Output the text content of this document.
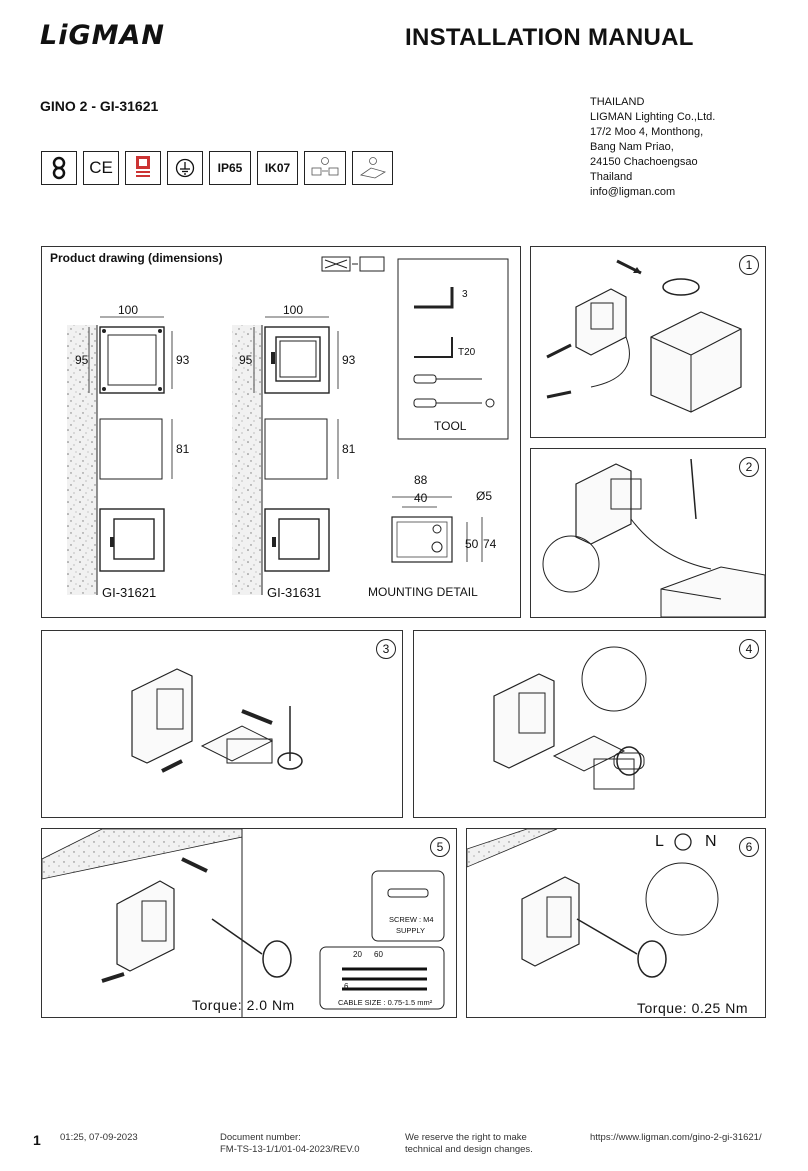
LiGMAN	INSTALLATION MANUAL
GINO 2 - GI-31621	THAILAND
LIGMAN Lighting Co.,Ltd.
17/2 Moo 4, Monthong,
Bang Nam Priao,
24150 Chachoengsao
Thailand
info@ligman.com
CE	IP65	IK07
Product drawing (dimensions)
100
95	93
81
100
95	93
81
GI-31621	GI-31631
3
T20
TOOL
88
40	Ø5
50 74
MOUNTING DETAIL
1
2
3	4
5
SCREW : M4
SUPPLY
20 60
6
CABLE SIZE : 0.75-1.5 mm²
Torque: 2.0 Nm
6
L	N
Torque: 0.25 Nm
1 01:25, 07-09-2023	Document number:
FM-TS-13-1/1/01-04-2023/REV.0
We reserve the right to make
technical and design changes.
https://www.ligman.com/gino-2-gi-31621/
